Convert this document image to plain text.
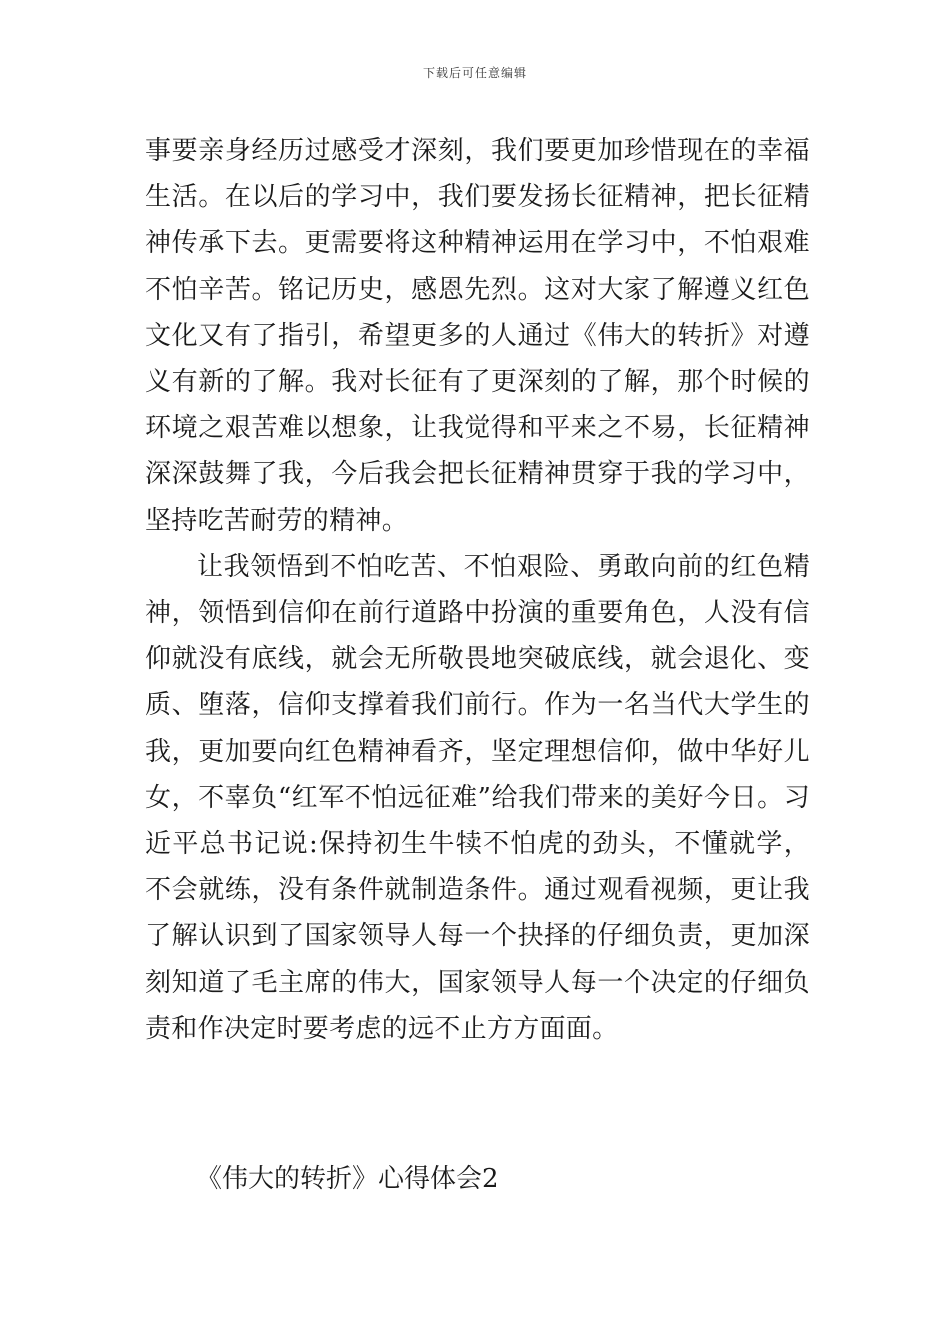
下载后可任意编辑

事要亲身经历过感受才深刻，我们要更加珍惜现在的幸福生活。在以后的学习中，我们要发扬长征精神，把长征精神传承下去。更需要将这种精神运用在学习中，不怕艰难不怕辛苦。铭记历史，感恩先烈。这对大家了解遵义红色文化又有了指引，希望更多的人通过《伟大的转折》对遵义有新的了解。我对长征有了更深刻的了解，那个时候的环境之艰苦难以想象，让我觉得和平来之不易，长征精神深深鼓舞了我，今后我会把长征精神贯穿于我的学习中，坚持吃苦耐劳的精神。

让我领悟到不怕吃苦、不怕艰险、勇敢向前的红色精神，领悟到信仰在前行道路中扮演的重要角色，人没有信仰就没有底线，就会无所敬畏地突破底线，就会退化、变质、堕落，信仰支撑着我们前行。作为一名当代大学生的我，更加要向红色精神看齐，坚定理想信仰，做中华好儿女，不辜负“红军不怕远征难”给我们带来的美好今日。习近平总书记说:保持初生牛犊不怕虎的劲头，不懂就学，不会就练，没有条件就制造条件。通过观看视频，更让我了解认识到了国家领导人每一个抉择的仔细负责，更加深刻知道了毛主席的伟大，国家领导人每一个决定的仔细负责和作决定时要考虑的远不止方方面面。

《伟大的转折》心得体会2
